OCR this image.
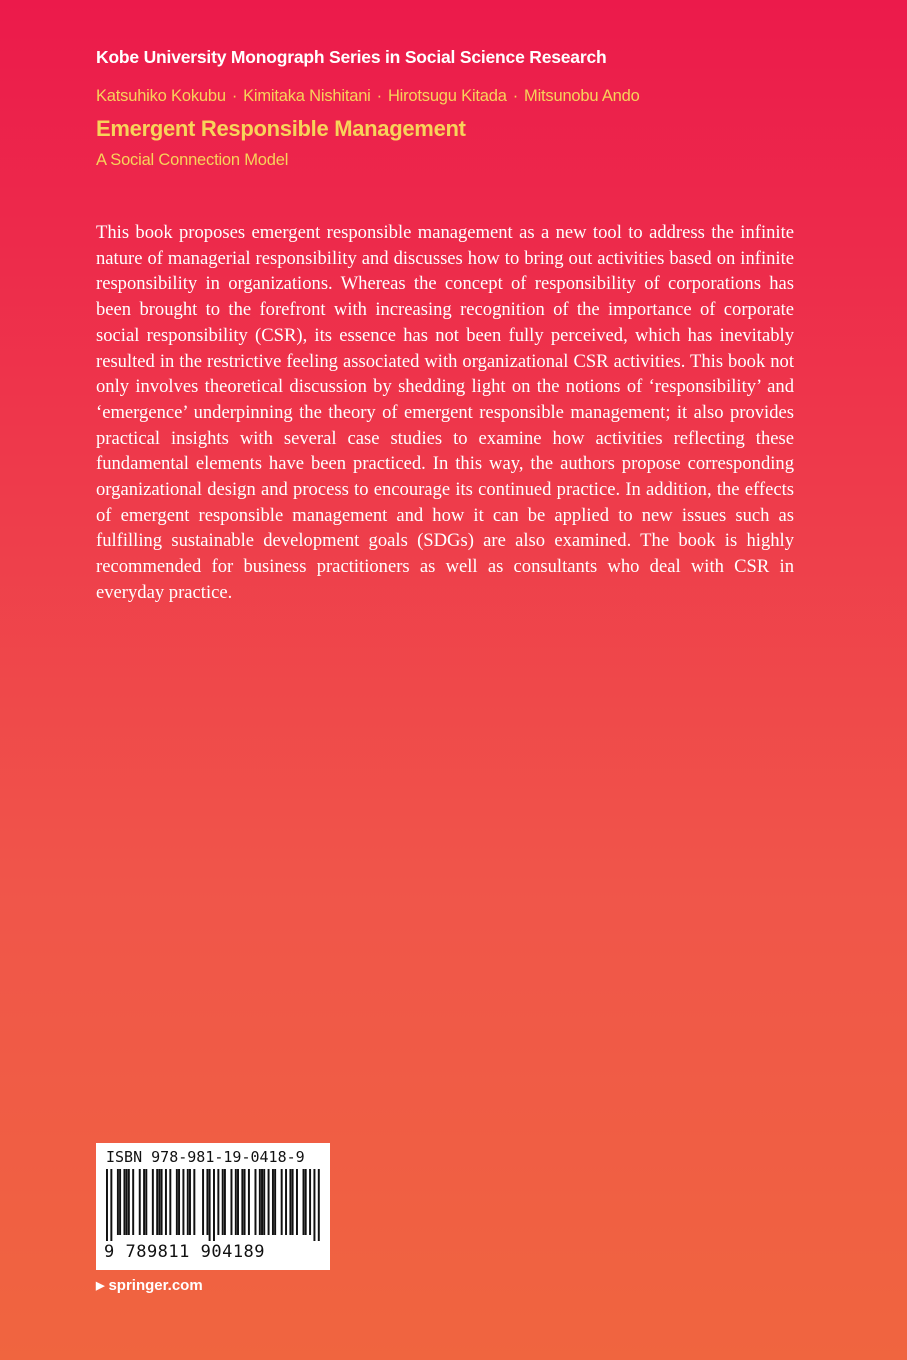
Kobe University Monograph Series in Social Science Research
Katsuhiko Kokubu · Kimitaka Nishitani · Hirotsugu Kitada · Mitsunobu Ando
Emergent Responsible Management
A Social Connection Model

This book proposes emergent responsible management as a new tool to address the infinite nature of managerial responsibility and discusses how to bring out activities based on infinite responsibility in organizations. Whereas the concept of responsibility of corporations has been brought to the forefront with increasing recognition of the importance of corporate social responsibility (CSR), its essence has not been fully perceived, which has inevitably resulted in the restrictive feeling associated with organizational CSR activities. This book not only involves theoretical discussion by shedding light on the notions of ‘responsibility’ and ‘emergence’ underpinning the theory of emergent responsible management; it also provides practical insights with several case studies to examine how activities reflecting these fundamental elements have been practiced. In this way, the authors propose corresponding organizational design and process to encourage its continued practice. In addition, the effects of emergent responsible management and how it can be applied to new issues such as fulfilling sustainable development goals (SDGs) are also examined. The book is highly recommended for business practitioners as well as consultants who deal with CSR in everyday practice.

ISBN 978-981-19-0418-9
9 789811 904189
▶ springer.com
